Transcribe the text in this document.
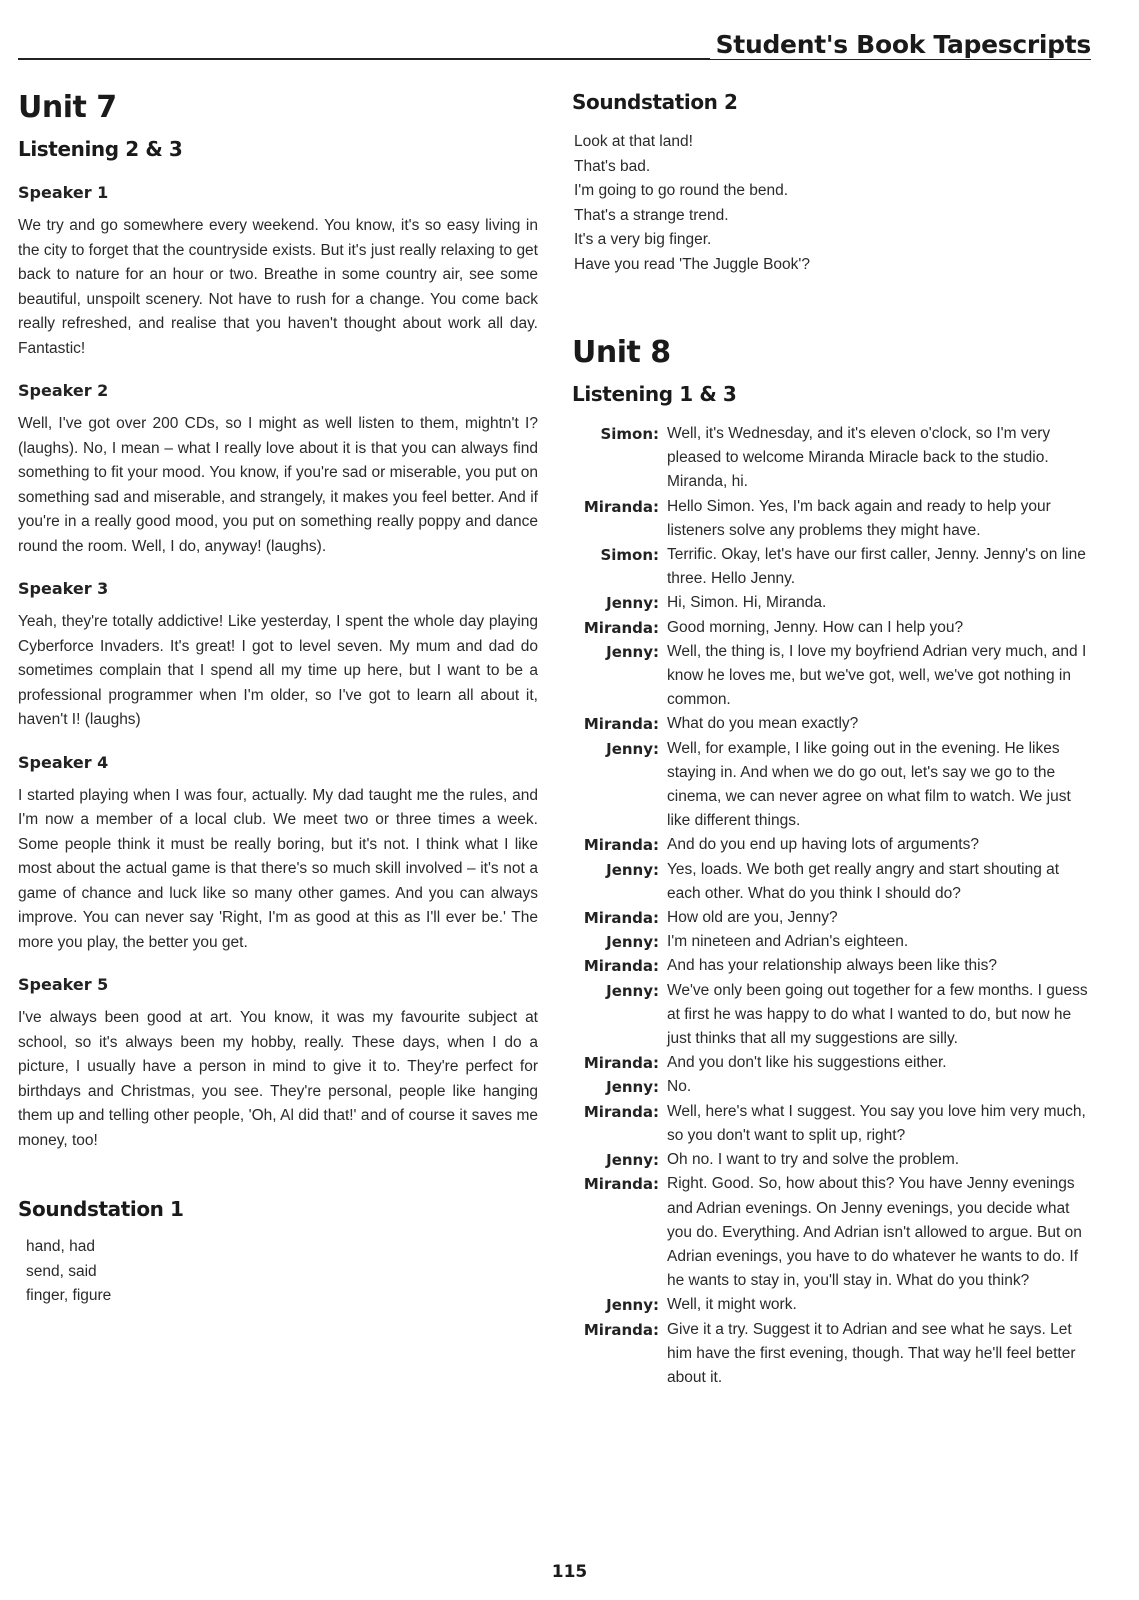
Student's Book Tapescripts
Unit 7
Listening 2 & 3
Speaker 1

We try and go somewhere every weekend. You know, it's so easy living in the city to forget that the countryside exists. But it's just really relaxing to get back to nature for an hour or two. Breathe in some country air, see some beautiful, unspoilt scenery. Not have to rush for a change. You come back really refreshed, and realise that you haven't thought about work all day. Fantastic!

Speaker 2

Well, I've got over 200 CDs, so I might as well listen to them, mightn't I? (laughs). No, I mean – what I really love about it is that you can always find something to fit your mood. You know, if you're sad or miserable, you put on something sad and miserable, and strangely, it makes you feel better. And if you're in a really good mood, you put on something really poppy and dance round the room. Well, I do, anyway! (laughs).

Speaker 3

Yeah, they're totally addictive! Like yesterday, I spent the whole day playing Cyberforce Invaders. It's great! I got to level seven. My mum and dad do sometimes complain that I spend all my time up here, but I want to be a professional programmer when I'm older, so I've got to learn all about it, haven't I! (laughs)

Speaker 4

I started playing when I was four, actually. My dad taught me the rules, and I'm now a member of a local club. We meet two or three times a week. Some people think it must be really boring, but it's not. I think what I like most about the actual game is that there's so much skill involved – it's not a game of chance and luck like so many other games. And you can always improve. You can never say 'Right, I'm as good at this as I'll ever be.' The more you play, the better you get.

Speaker 5

I've always been good at art. You know, it was my favourite subject at school, so it's always been my hobby, really. These days, when I do a picture, I usually have a person in mind to give it to. They're perfect for birthdays and Christmas, you see. They're personal, people like hanging them up and telling other people, 'Oh, Al did that!' and of course it saves me money, too!

Soundstation 1
hand, had
send, said
finger, figure
Soundstation 2
Look at that land!
That's bad.
I'm going to go round the bend.
That's a strange trend.
It's a very big finger.
Have you read 'The Juggle Book'?
Unit 8
Listening 1 & 3
Simon: Well, it's Wednesday, and it's eleven o'clock, so I'm very pleased to welcome Miranda Miracle back to the studio. Miranda, hi.
Miranda: Hello Simon. Yes, I'm back again and ready to help your listeners solve any problems they might have.
Simon: Terrific. Okay, let's have our first caller, Jenny. Jenny's on line three. Hello Jenny.
Jenny: Hi, Simon. Hi, Miranda.
Miranda: Good morning, Jenny. How can I help you?
Jenny: Well, the thing is, I love my boyfriend Adrian very much, and I know he loves me, but we've got, well, we've got nothing in common.
Miranda: What do you mean exactly?
Jenny: Well, for example, I like going out in the evening. He likes staying in. And when we do go out, let's say we go to the cinema, we can never agree on what film to watch. We just like different things.
Miranda: And do you end up having lots of arguments?
Jenny: Yes, loads. We both get really angry and start shouting at each other. What do you think I should do?
Miranda: How old are you, Jenny?
Jenny: I'm nineteen and Adrian's eighteen.
Miranda: And has your relationship always been like this?
Jenny: We've only been going out together for a few months. I guess at first he was happy to do what I wanted to do, but now he just thinks that all my suggestions are silly.
Miranda: And you don't like his suggestions either.
Jenny: No.
Miranda: Well, here's what I suggest. You say you love him very much, so you don't want to split up, right?
Jenny: Oh no. I want to try and solve the problem.
Miranda: Right. Good. So, how about this? You have Jenny evenings and Adrian evenings. On Jenny evenings, you decide what you do. Everything. And Adrian isn't allowed to argue. But on Adrian evenings, you have to do whatever he wants to do. If he wants to stay in, you'll stay in. What do you think?
Jenny: Well, it might work.
Miranda: Give it a try. Suggest it to Adrian and see what he says. Let him have the first evening, though. That way he'll feel better about it.
115
